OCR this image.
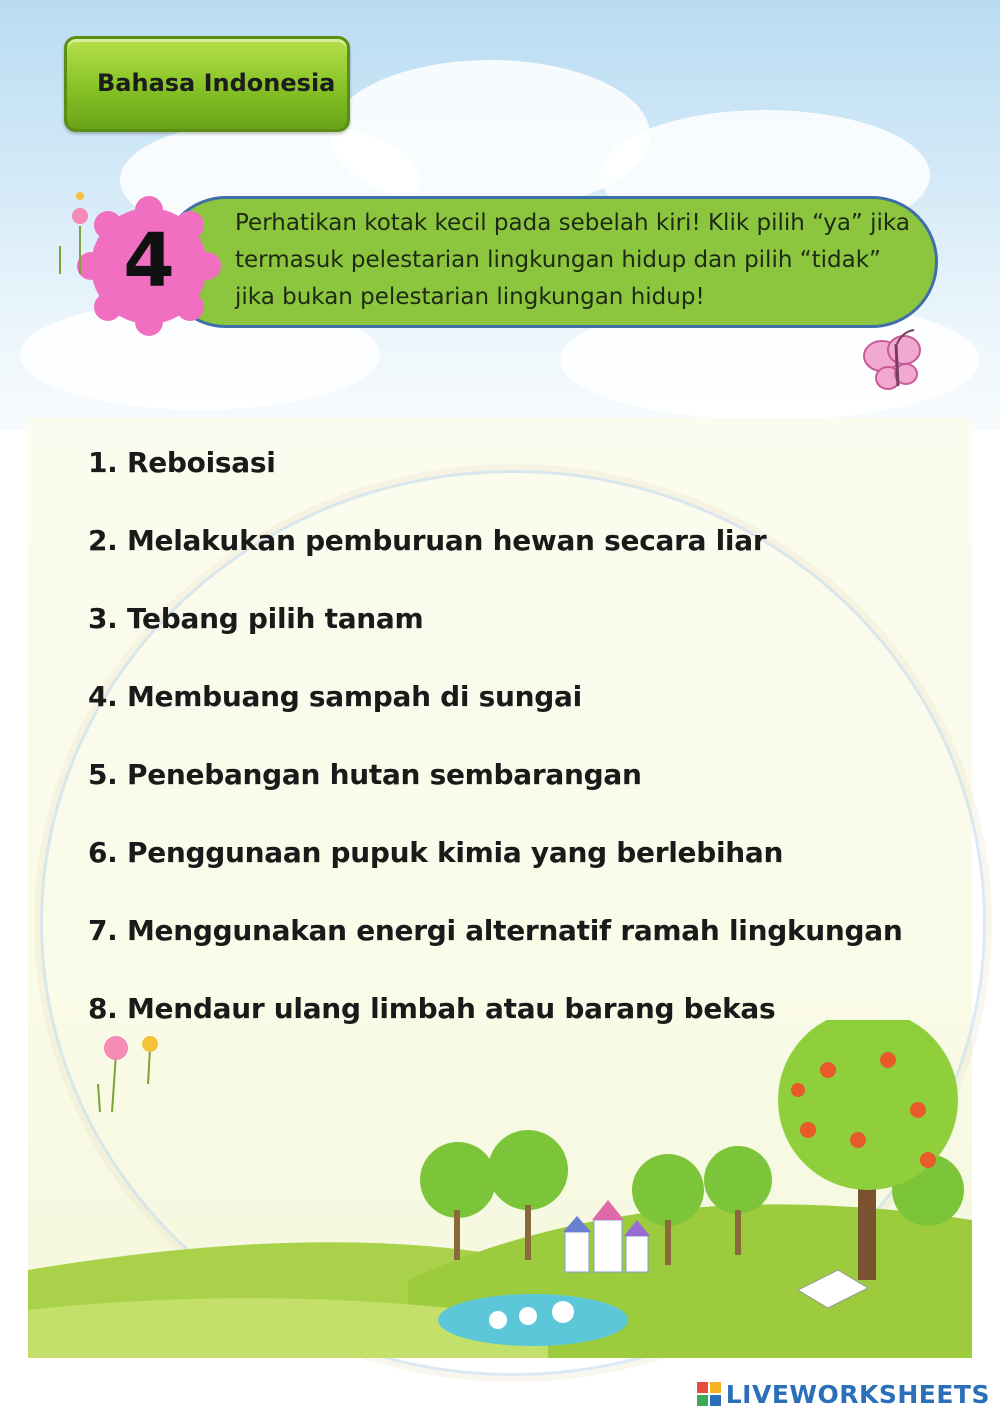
Bahasa Indonesia

Perhatikan kotak kecil pada sebelah kiri! Klik pilih “ya” jika termasuk pelestarian lingkungan hidup dan pilih “tidak” jika bukan pelestarian lingkungan hidup!

4
1. Reboisasi
2. Melakukan pemburuan hewan secara liar
3. Tebang pilih tanam
4. Membuang sampah di sungai
5. Penebangan hutan sembarangan
6. Penggunaan pupuk kimia yang berlebihan
7. Menggunakan energi alternatif ramah lingkungan
8. Mendaur ulang limbah atau barang bekas
LIVEWORKSHEETS
